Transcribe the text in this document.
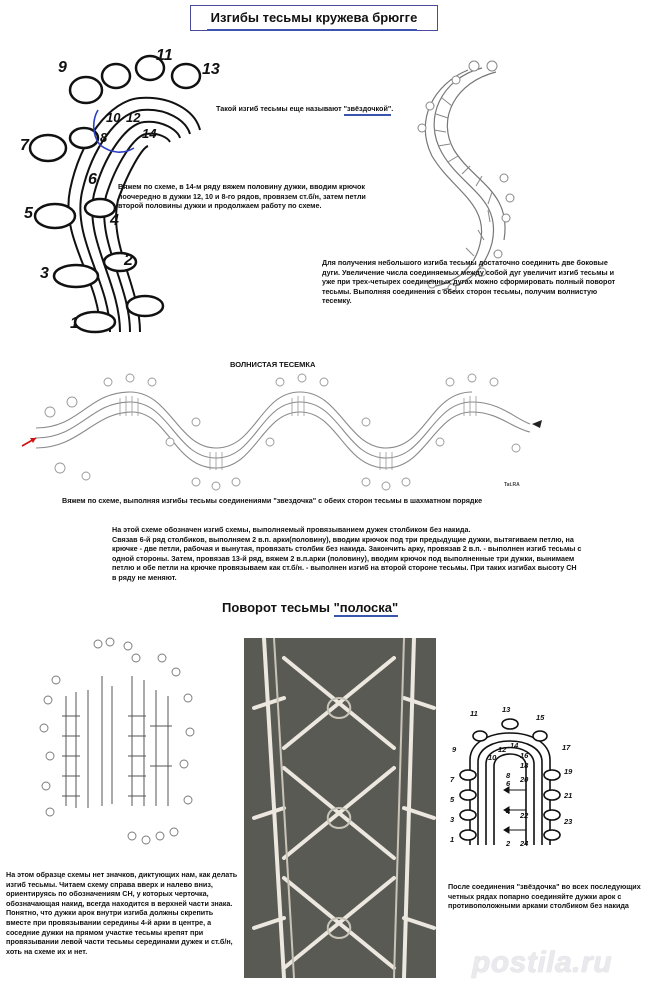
Изгибы тесьмы кружева брюгге
1
2
3
4
5
6
7	8
9
10
11
12
13
14
Такой изгиб тесьмы еще называют "звёздочкой".
Вяжем по схеме, в 14-м ряду вяжем половину дужки, вводим крючок поочередно в дужки 12, 10 и 8-го рядов, провязем ст.б/н, затем петли второй половины дужки и продолжаем работу по схеме.
Для получения небольшого изгиба тесьмы достаточно соединить две боковые дуги. Увеличение числа соединяемых между собой дуг увеличит изгиб тесьмы и уже при трех-четырех соединенных дугах можно сформировать полный поворот тесьмы. Выполняя соединения с обеих сторон тесьмы, получим волнистую тесемку.
ВОЛНИСТАЯ ТЕСЕМКА
Tat.RA
Вяжем по схеме, выполняя изгибы тесьмы соединениями "звездочка" с обеих сторон тесьмы в шахматном порядке
На этой схеме обозначен изгиб схемы, выполняемый провязыванием дужек столбиком без накида.
Связав 6-й ряд столбиков, выполняем 2 в.п. арки(половину), вводим крючок под три предыдущие дужки, вытягиваем петлю, на крючке - две петли, рабочая и вынутая, провязать столбик без накида. Закончить арку, провязав 2 в.п. - выполнен изгиб тесьмы с одной стороны. Затем, провязав 13-й ряд, вяжем 2 в.п.арки (половину), вводим крючок под выполненные три дужки, вынимаем петлю и обе петли на крючке провязываем как ст.б/н. - выполнен изгиб на второй стороне тесьмы. При таких изгибах высоту СН в ряду не меняют.
Поворот тесьмы "полоска"
1	2
3
4
5
6
7	8
9
10
11
12
13
14
15
16
17
18
19
20
21
22
23
24
На этом образце схемы нет значков, диктующих нам, как делать изгиб тесьмы. Читаем схему справа вверх и налево вниз, ориентируясь по обозначениям СН, у которых черточка, обозначающая накид, всегда находится в верхней части знака. Понятно, что дужки арок внутри изгиба должны скрепить вместе при провязывании середины 4-й арки в центре, а соседние дужки на прямом участке тесьмы крепят при провязывании левой части тесьмы серединами дужек и ст.б/н, хоть на схеме их и нет.
После соединения "звёздочка" во всех последующих четных рядах попарно соединяйте дужки арок с противоположными арками столбиком без накида
postila.ru
